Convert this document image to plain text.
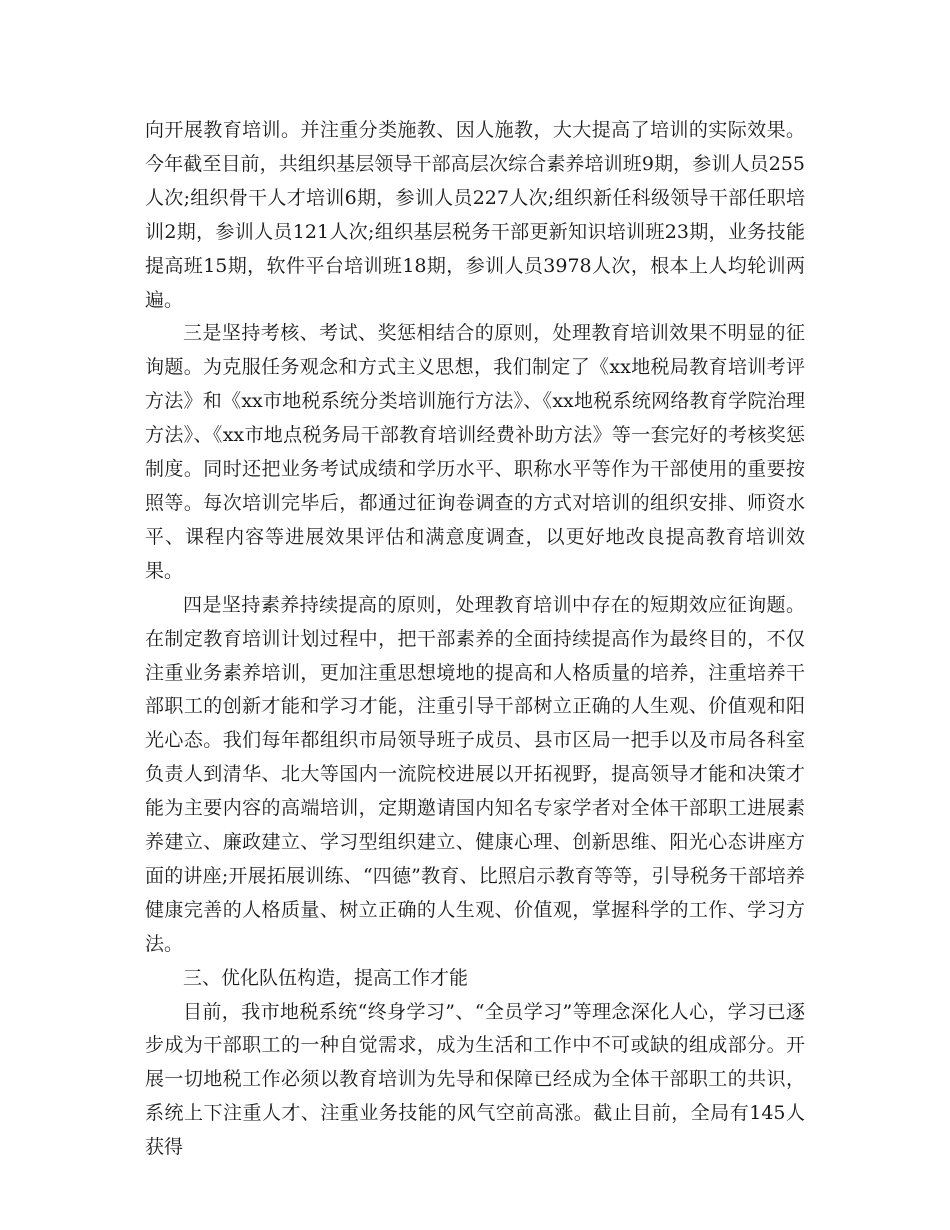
向开展教育培训。并注重分类施教、因人施教，大大提高了培训的实际效果。今年截至目前，共组织基层领导干部高层次综合素养培训班9期，参训人员255人次;组织骨干人才培训6期，参训人员227人次;组织新任科级领导干部任职培训2期，参训人员121人次;组织基层税务干部更新知识培训班23期，业务技能提高班15期，软件平台培训班18期，参训人员3978人次，根本上人均轮训两遍。

三是坚持考核、考试、奖惩相结合的原则，处理教育培训效果不明显的征询题。为克服任务观念和方式主义思想，我们制定了《xx地税局教育培训考评方法》和《xx市地税系统分类培训施行方法》、《xx地税系统网络教育学院治理方法》、《xx市地点税务局干部教育培训经费补助方法》等一套完好的考核奖惩制度。同时还把业务考试成绩和学历水平、职称水平等作为干部使用的重要按照等。每次培训完毕后，都通过征询卷调查的方式对培训的组织安排、师资水平、课程内容等进展效果评估和满意度调查，以更好地改良提高教育培训效果。

四是坚持素养持续提高的原则，处理教育培训中存在的短期效应征询题。在制定教育培训计划过程中，把干部素养的全面持续提高作为最终目的，不仅注重业务素养培训，更加注重思想境地的提高和人格质量的培养，注重培养干部职工的创新才能和学习才能，注重引导干部树立正确的人生观、价值观和阳光心态。我们每年都组织市局领导班子成员、县市区局一把手以及市局各科室负责人到清华、北大等国内一流院校进展以开拓视野，提高领导才能和决策才能为主要内容的高端培训，定期邀请国内知名专家学者对全体干部职工进展素养建立、廉政建立、学习型组织建立、健康心理、创新思维、阳光心态讲座方面的讲座;开展拓展训练、“四德”教育、比照启示教育等等，引导税务干部培养健康完善的人格质量、树立正确的人生观、价值观，掌握科学的工作、学习方法。

三、优化队伍构造，提高工作才能

目前，我市地税系统“终身学习”、“全员学习”等理念深化人心，学习已逐步成为干部职工的一种自觉需求，成为生活和工作中不可或缺的组成部分。开展一切地税工作必须以教育培训为先导和保障已经成为全体干部职工的共识，系统上下注重人才、注重业务技能的风气空前高涨。截止目前，全局有145人获得
